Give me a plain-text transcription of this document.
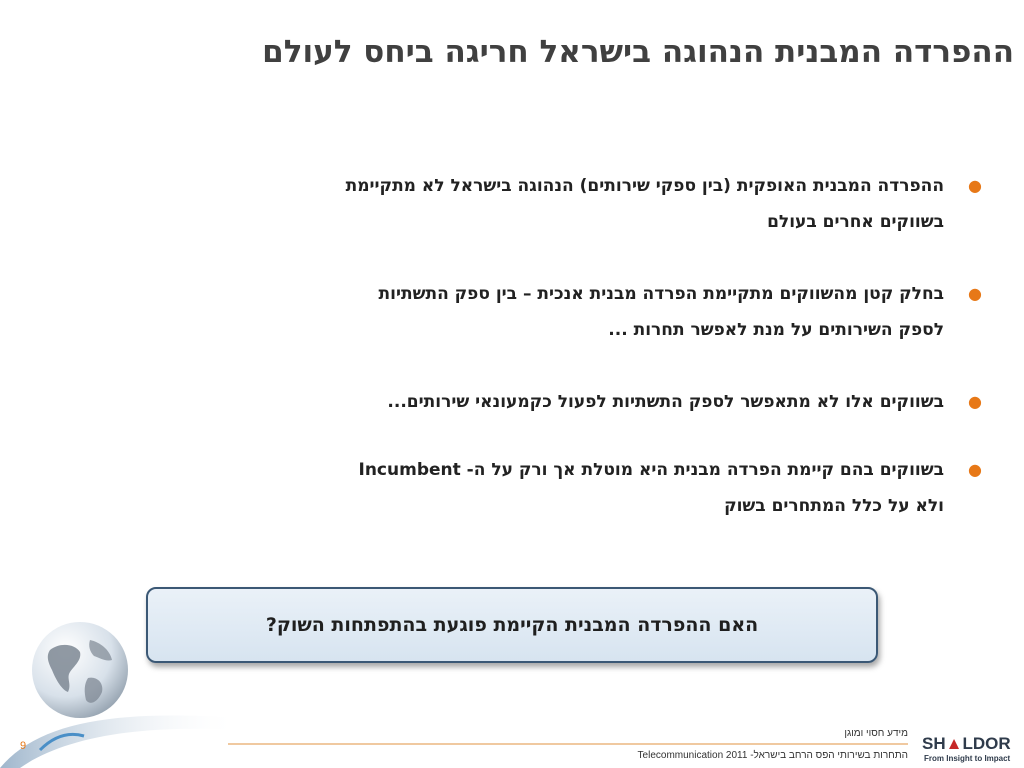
ההפרדה המבנית הנהוגה בישראל חריגה ביחס לעולם
●
ההפרדה המבנית האופקית (בין ספקי שירותים) הנהוגה בישראל לא מתקיימת
בשווקים אחרים בעולם
●
בחלק קטן מהשווקים מתקיימת הפרדה מבנית אנכית – בין ספק התשתיות
לספק השירותים על מנת לאפשר תחרות ...
●
בשווקים אלו לא מתאפשר לספק התשתיות לפעול כקמעונאי שירותים...
●
בשווקים בהם קיימת הפרדה מבנית היא מוטלת אך ורק על ה- Incumbent
ולא על כלל המתחרים בשוק
האם ההפרדה המבנית הקיימת פוגעת בהתפתחות השוק?
9
מידע חסוי ומוגן
התחרות בשירותי הפס הרחב בישראל- Telecommunication 2011
SH▲LDOR
From Insight to Impact
